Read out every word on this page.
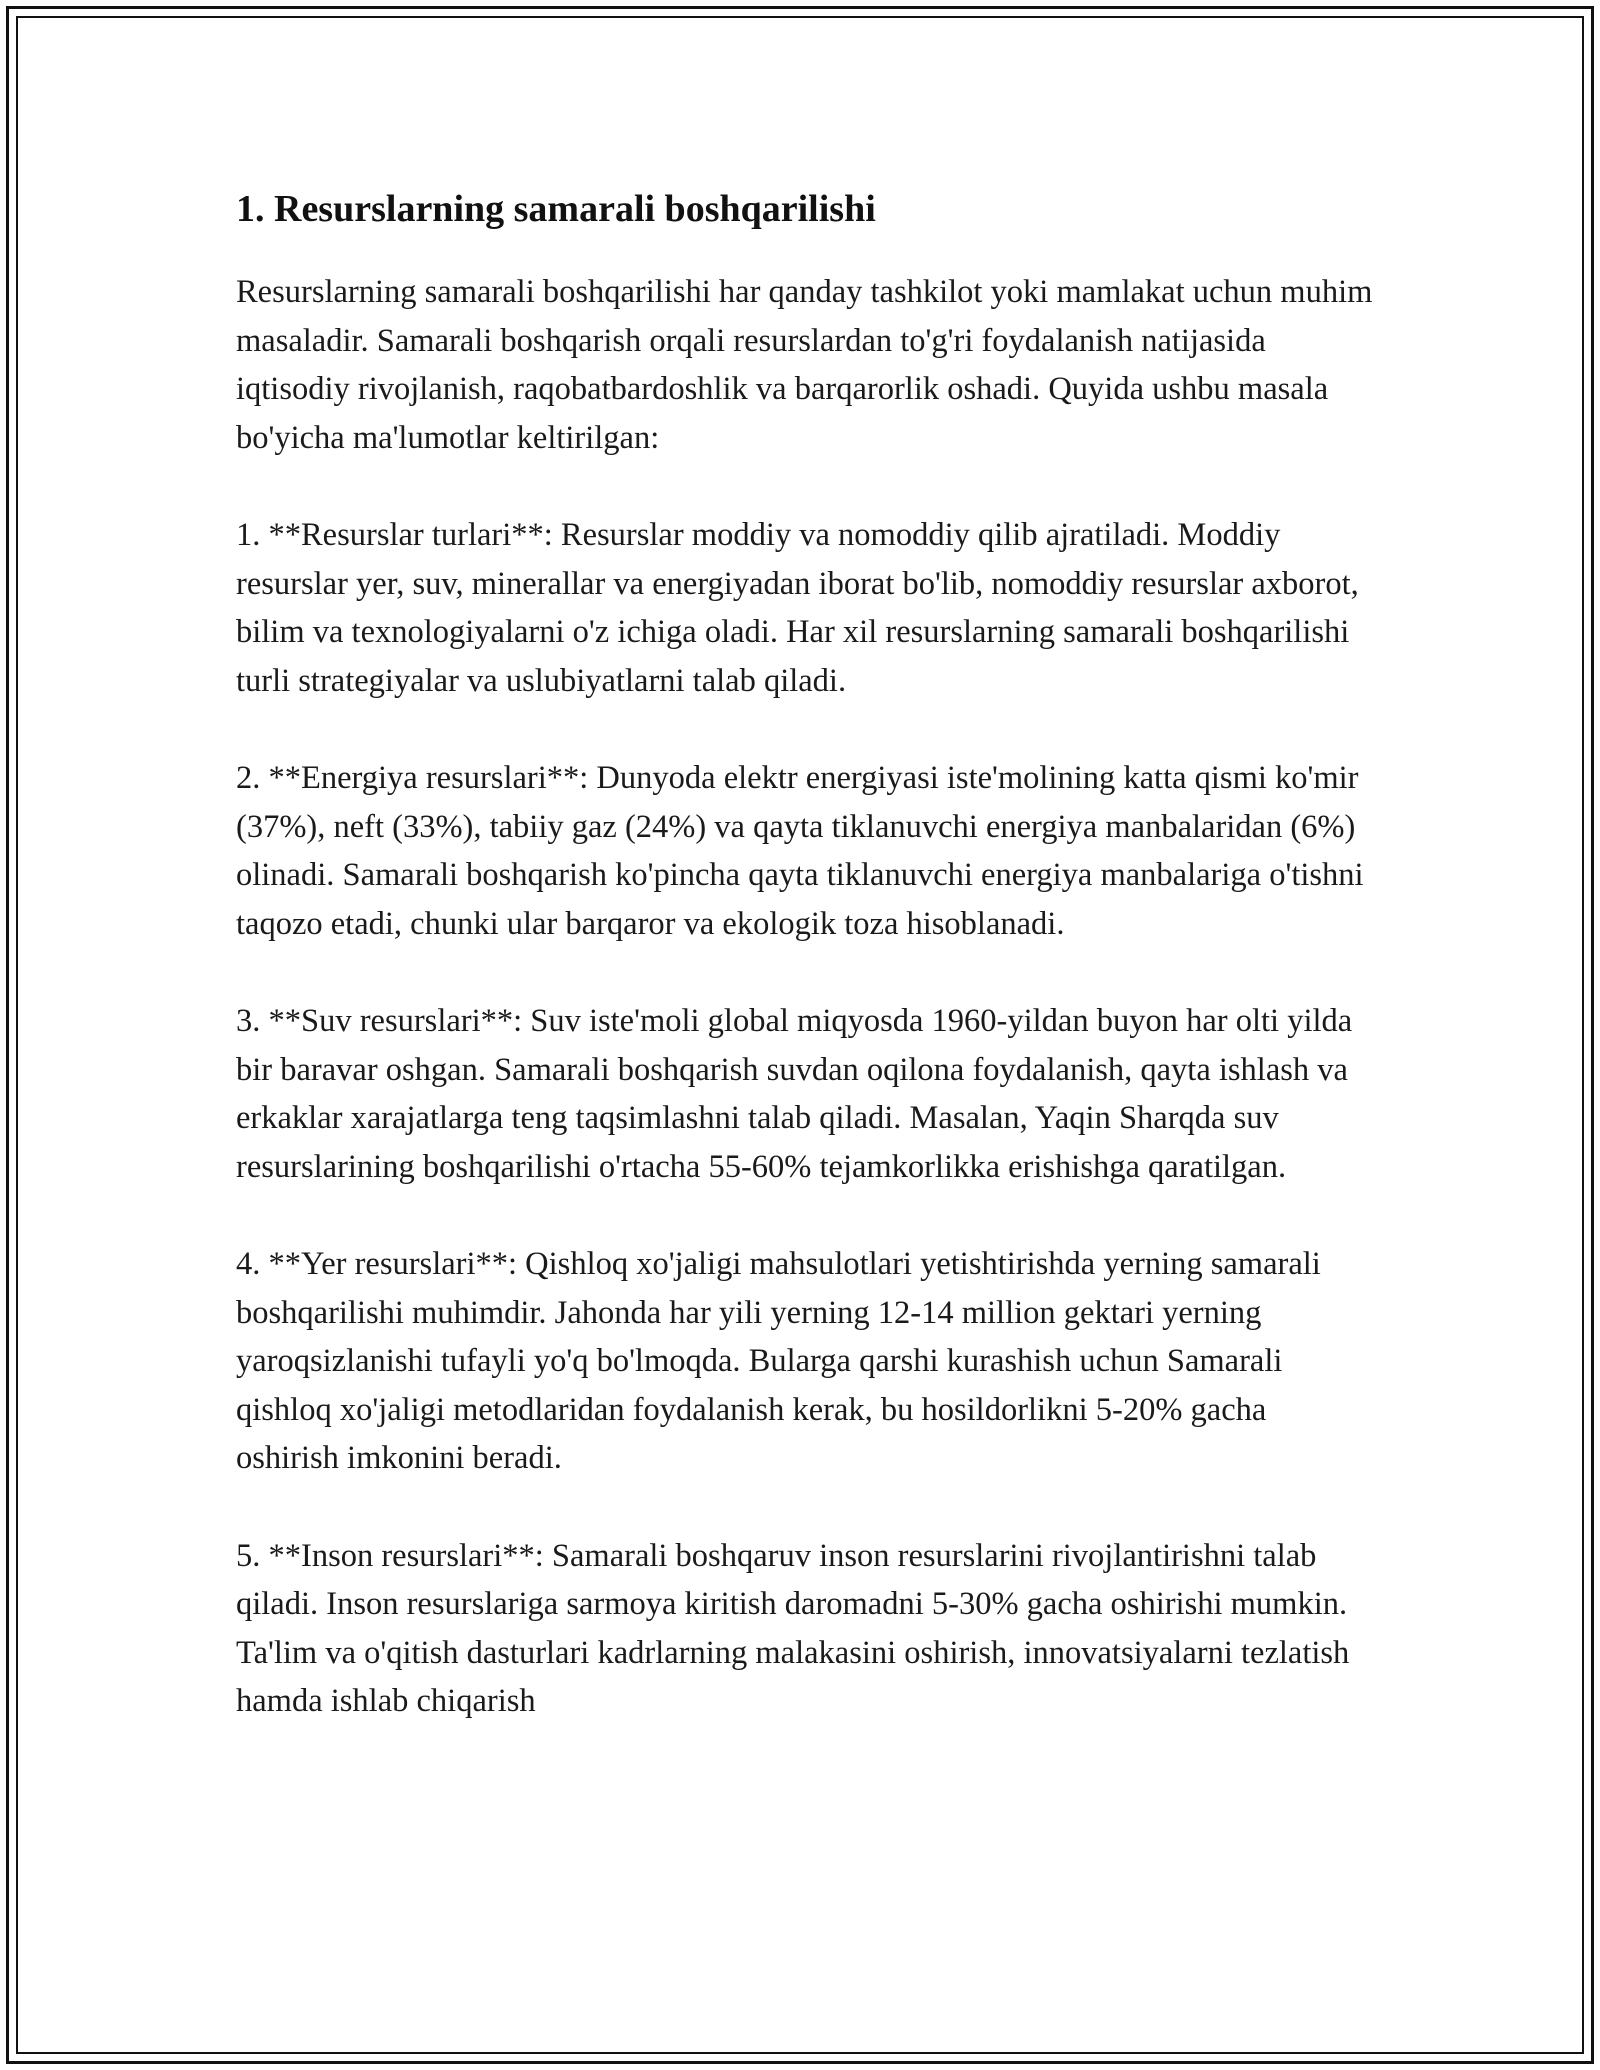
1. Resurslarning samarali boshqarilishi

Resurslarning samarali boshqarilishi har qanday tashkilot yoki mamlakat uchun muhim masaladir. Samarali boshqarish orqali resurslardan to'g'ri foydalanish natijasida iqtisodiy rivojlanish, raqobatbardoshlik va barqarorlik oshadi. Quyida ushbu masala bo'yicha ma'lumotlar keltirilgan:

1. **Resurslar turlari**: Resurslar moddiy va nomoddiy qilib ajratiladi. Moddiy resurslar yer, suv, minerallar va energiyadan iborat bo'lib, nomoddiy resurslar axborot, bilim va texnologiyalarni o'z ichiga oladi. Har xil resurslarning samarali boshqarilishi turli strategiyalar va uslubiyatlarni talab qiladi.

2. **Energiya resurslari**: Dunyoda elektr energiyasi iste'molining katta qismi ko'mir (37%), neft (33%), tabiiy gaz (24%) va qayta tiklanuvchi energiya manbalaridan (6%) olinadi. Samarali boshqarish ko'pincha qayta tiklanuvchi energiya manbalariga o'tishni taqozo etadi, chunki ular barqaror va ekologik toza hisoblanadi.

3. **Suv resurslari**: Suv iste'moli global miqyosda 1960-yildan buyon har olti yilda bir baravar oshgan. Samarali boshqarish suvdan oqilona foydalanish, qayta ishlash va erkaklar xarajatlarga teng taqsimlashni talab qiladi. Masalan, Yaqin Sharqda suv resurslarining boshqarilishi o'rtacha 55-60% tejamkorlikka erishishga qaratilgan.

4. **Yer resurslari**: Qishloq xo'jaligi mahsulotlari yetishtirishda yerning samarali boshqarilishi muhimdir. Jahonda har yili yerning 12-14 million gektari yerning yaroqsizlanishi tufayli yo'q bo'lmoqda. Bularga qarshi kurashish uchun Samarali qishloq xo'jaligi metodlaridan foydalanish kerak, bu hosildorlikni 5-20% gacha oshirish imkonini beradi.

5. **Inson resurslari**: Samarali boshqaruv inson resurslarini rivojlantirishni talab qiladi. Inson resurslariga sarmoya kiritish daromadni 5-30% gacha oshirishi mumkin. Ta'lim va o'qitish dasturlari kadrlarning malakasini oshirish, innovatsiyalarni tezlatish hamda ishlab chiqarish
